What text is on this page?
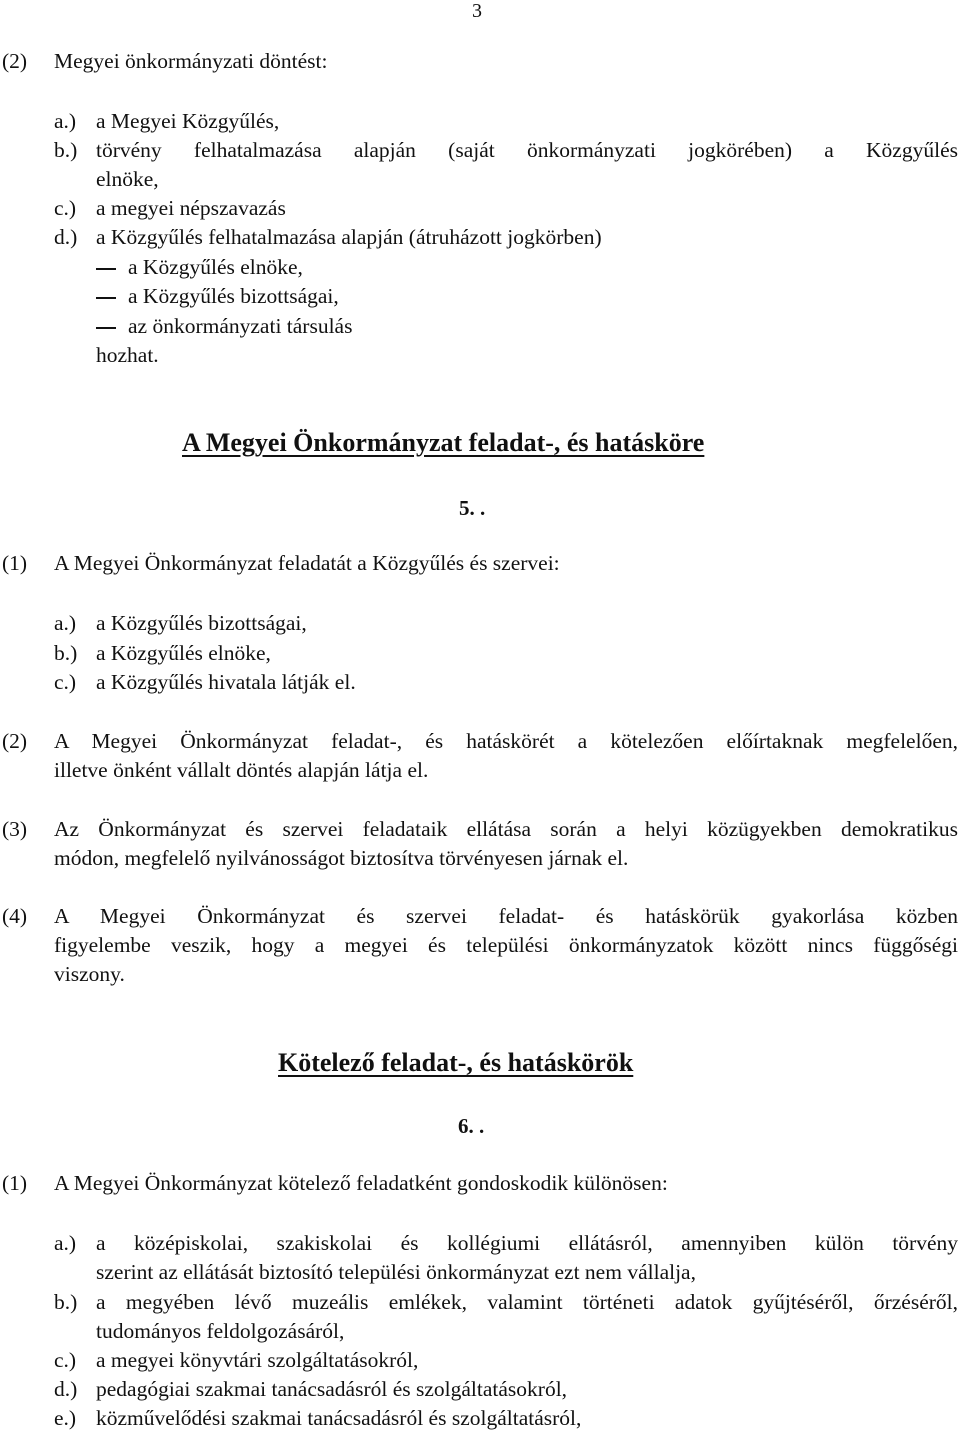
3
(2) Megyei önkormányzati döntést:
a.) a Megyei Közgyűlés,
b.) törvény felhatalmazása alapján (saját önkormányzati jogkörében) a Közgyűlés
elnöke,
c.) a megyei népszavazás
d.) a Közgyűlés felhatalmazása alapján (átruházott jogkörben)
a Közgyűlés elnöke,
a Közgyűlés bizottságai,
az önkormányzati társulás
hozhat.
A Megyei Önkormányzat feladat-, és hatásköre
5. .
(1) A Megyei Önkormányzat feladatát a Közgyűlés és szervei:
a.) a Közgyűlés bizottságai,
b.) a Közgyűlés elnöke,
c.) a Közgyűlés hivatala látják el.
(2) A Megyei Önkormányzat feladat-, és hatáskörét a kötelezően előírtaknak megfelelően,
illetve önként vállalt döntés alapján látja el.
(3) Az Önkormányzat és szervei feladataik ellátása során a helyi közügyekben demokratikus
módon, megfelelő nyilvánosságot biztosítva törvényesen járnak el.
(4) A Megyei Önkormányzat és szervei feladat- és hatáskörük gyakorlása közben
figyelembe veszik, hogy a megyei és települési önkormányzatok között nincs függőségi
viszony.
Kötelező feladat-, és hatáskörök
6. .
(1) A Megyei Önkormányzat kötelező feladatként gondoskodik különösen:
a.) a középiskolai, szakiskolai és kollégiumi ellátásról, amennyiben külön törvény
szerint az ellátását biztosító települési önkormányzat ezt nem vállalja,
b.) a megyében lévő muzeális emlékek, valamint történeti adatok gyűjtéséről, őrzéséről,
tudományos feldolgozásáról,
c.) a megyei könyvtári szolgáltatásokról,
d.) pedagógiai szakmai tanácsadásról és szolgáltatásokról,
e.) közművelődési szakmai tanácsadásról és szolgáltatásról,
